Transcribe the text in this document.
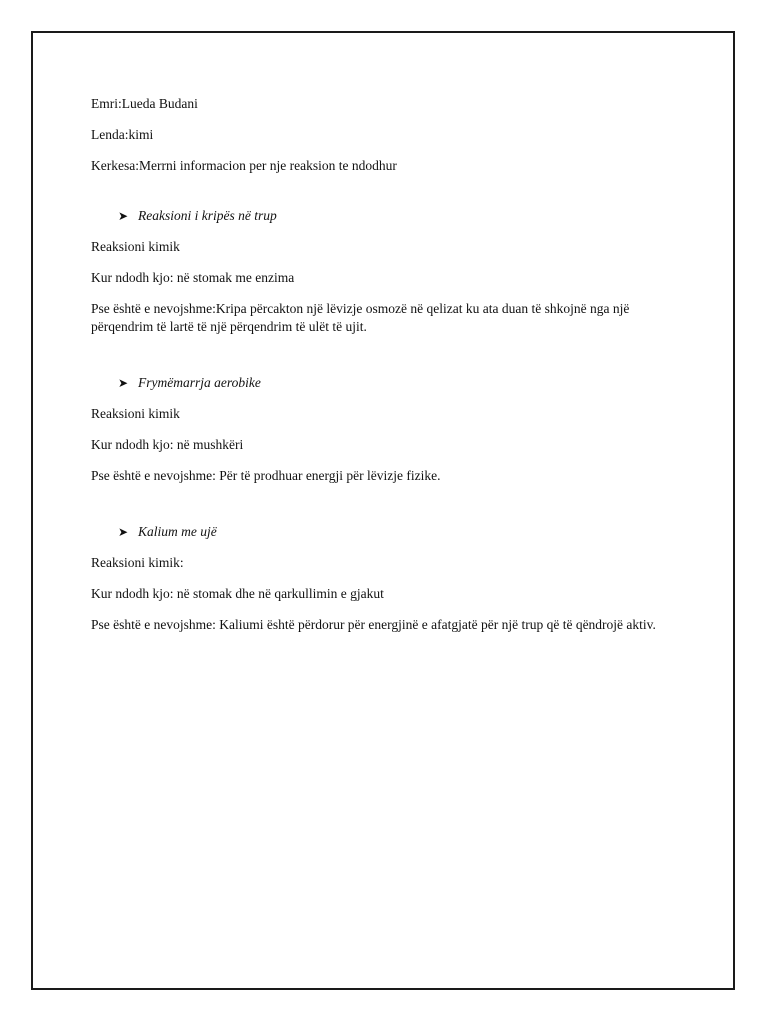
Emri:Lueda Budani

Lenda:kimi

Kerkesa:Merrni informacion per nje reaksion te ndodhur

➤ Reaksioni i kripës në trup

Reaksioni kimik

Kur ndodh kjo: në stomak me enzima

Pse është e nevojshme:Kripa përcakton një lëvizje osmozë në qelizat ku ata duan të shkojnë nga një përqendrim të lartë të një përqendrim të ulët të ujit.

➤ Frymëmarrja aerobike

Reaksioni kimik

Kur ndodh kjo: në mushkëri

Pse është e nevojshme: Për të prodhuar energji për lëvizje fizike.

➤ Kalium me ujë

Reaksioni kimik:

Kur ndodh kjo: në stomak dhe në qarkullimin e gjakut

Pse është e nevojshme: Kaliumi është përdorur për energjinë e afatgjatë për një trup që të qëndrojë aktiv.
